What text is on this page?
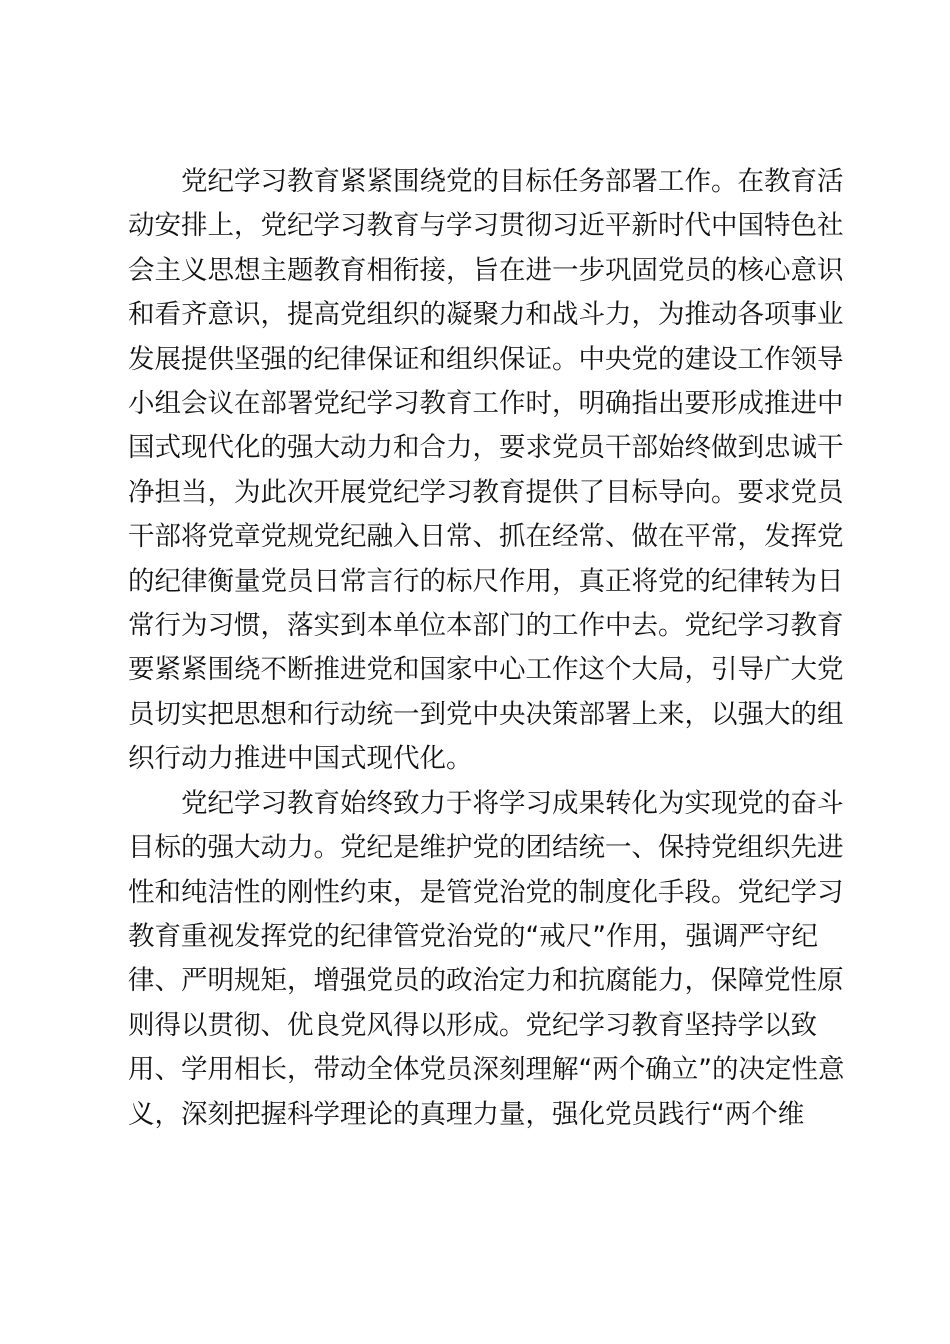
党纪学习教育紧紧围绕党的目标任务部署工作。在教育活
动安排上，党纪学习教育与学习贯彻习近平新时代中国特色社
会主义思想主题教育相衔接，旨在进一步巩固党员的核心意识
和看齐意识，提高党组织的凝聚力和战斗力，为推动各项事业
发展提供坚强的纪律保证和组织保证。中央党的建设工作领导
小组会议在部署党纪学习教育工作时，明确指出要形成推进中
国式现代化的强大动力和合力，要求党员干部始终做到忠诚干
净担当，为此次开展党纪学习教育提供了目标导向。要求党员
干部将党章党规党纪融入日常、抓在经常、做在平常，发挥党
的纪律衡量党员日常言行的标尺作用，真正将党的纪律转为日
常行为习惯，落实到本单位本部门的工作中去。党纪学习教育
要紧紧围绕不断推进党和国家中心工作这个大局，引导广大党
员切实把思想和行动统一到党中央决策部署上来，以强大的组
织行动力推进中国式现代化。

党纪学习教育始终致力于将学习成果转化为实现党的奋斗
目标的强大动力。党纪是维护党的团结统一、保持党组织先进
性和纯洁性的刚性约束，是管党治党的制度化手段。党纪学习
教育重视发挥党的纪律管党治党的“戒尺”作用，强调严守纪
律、严明规矩，增强党员的政治定力和抗腐能力，保障党性原
则得以贯彻、优良党风得以形成。党纪学习教育坚持学以致
用、学用相长，带动全体党员深刻理解“两个确立”的决定性意
义，深刻把握科学理论的真理力量，强化党员践行“两个维
